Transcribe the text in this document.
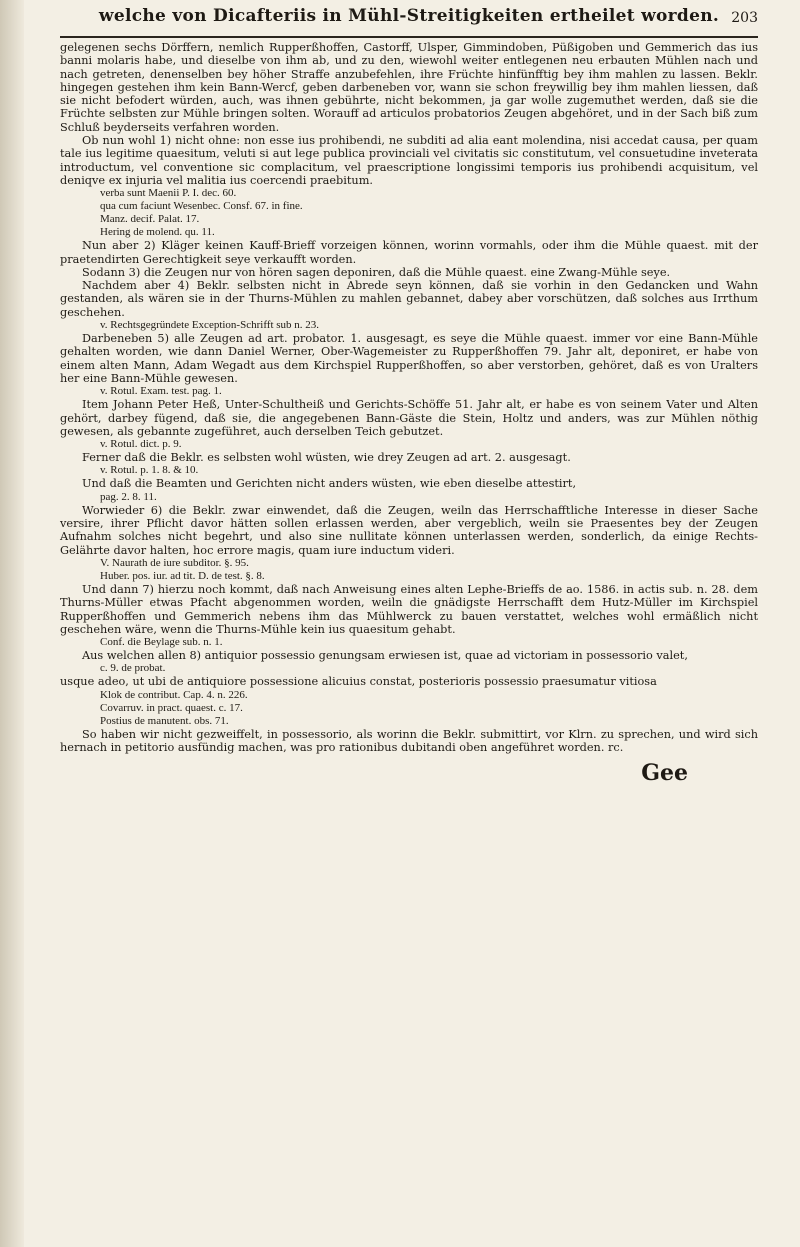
welche von Dicafteriis in Mühl-Streitigkeiten ertheilet worden. 203

gelegenen sechs Dörffern, nemlich Rupperßhoffen, Castorff, Ulsper, Gimmindoben, Püßigoben und Gemmerich das ius banni molaris habe, und dieselbe von ihm ab, und zu den, wiewohl weiter entlegenen neu erbauten Mühlen nach und nach getreten, denenselben bey höher Straffe anzubefehlen, ihre Früchte hinfünfftig bey ihm mahlen zu lassen. Beklr. hingegen gestehen ihm kein Bann-Wercf, geben darbeneben vor, wann sie schon freywillig bey ihm mahlen liessen, daß sie nicht befodert würden, auch, was ihnen gebührte, nicht bekommen, ja gar wolle zugemuthet werden, daß sie die Früchte selbsten zur Mühle bringen solten. Worauff ad articulos probatorios Zeugen abgehöret, und in der Sach biß zum Schluß beyderseits verfahren worden.

Ob nun wohl 1) nicht ohne: non esse ius prohibendi, ne subditi ad alia eant molendina, nisi accedat causa, per quam tale ius legitime quaesitum, veluti si aut lege publica provinciali vel civitatis sic constitutum, vel consuetudine inveterata introductum, vel conventione sic complacitum, vel praescriptione longissimi temporis ius prohibendi acquisitum, vel deniqve ex injuria vel malitia ius coercendi praebitum.

verba sunt Maenii P. I. dec. 60.

qua cum faciunt Wesenbec. Consf. 67. in fine.

Manz. decif. Palat. 17.

Hering de molend. qu. 11.

Nun aber 2) Kläger keinen Kauff-Brieff vorzeigen können, worinn vormahls, oder ihm die Mühle quaest. mit der praetendirten Gerechtigkeit seye verkaufft worden.

Sodann 3) die Zeugen nur von hören sagen deponiren, daß die Mühle quaest. eine Zwang-Mühle seye.

Nachdem aber 4) Beklr. selbsten nicht in Abrede seyn können, daß sie vorhin in den Gedancken und Wahn gestanden, als wären sie in der Thurns-Mühlen zu mahlen gebannet, dabey aber vorschützen, daß solches aus Irrthum geschehen.

v. Rechtsgegründete Exception-Schrifft sub n. 23.

Darbeneben 5) alle Zeugen ad art. probator. 1. ausgesagt, es seye die Mühle quaest. immer vor eine Bann-Mühle gehalten worden, wie dann Daniel Werner, Ober-Wagemeister zu Rupperßhoffen 79. Jahr alt, deponiret, er habe von einem alten Mann, Adam Wegadt aus dem Kirchspiel Rupperßhoffen, so aber verstorben, gehöret, daß es von Uralters her eine Bann-Mühle gewesen.

v. Rotul. Exam. test. pag. 1.

Item Johann Peter Heß, Unter-Schultheiß und Gerichts-Schöffe 51. Jahr alt, er habe es von seinem Vater und Alten gehört, darbey fügend, daß sie, die angegebenen Bann-Gäste die Stein, Holtz und anders, was zur Mühlen nöthig gewesen, als gebannte zugeführet, auch derselben Teich gebutzet.

v. Rotul. dict. p. 9.

Ferner daß die Beklr. es selbsten wohl wüsten, wie drey Zeugen ad art. 2. ausgesagt.

v. Rotul. p. 1. 8. & 10.

Und daß die Beamten und Gerichten nicht anders wüsten, wie eben dieselbe attestirt,

pag. 2. 8. 11.

Worwieder 6) die Beklr. zwar einwendet, daß die Zeugen, weiln das Herrschafftliche Interesse in dieser Sache versire, ihrer Pflicht davor hätten sollen erlassen werden, aber vergeblich, weiln sie Praesentes bey der Zeugen Aufnahm solches nicht begehrt, und also sine nullitate können unterlassen werden, sonderlich, da einige Rechts-Gelährte davor halten, hoc errore magis, quam iure inductum videri.

V. Naurath de iure subditor. §. 95.

Huber. pos. iur. ad tit. D. de test. §. 8.

Und dann 7) hierzu noch kommt, daß nach Anweisung eines alten Lephe-Brieffs de ao. 1586. in actis sub. n. 28. dem Thurns-Müller etwas Pfacht abgenommen worden, weiln die gnädigste Herrschafft dem Hutz-Müller im Kirchspiel Rupperßhoffen und Gemmerich nebens ihm das Mühlwerck zu bauen verstattet, welches wohl ermäßlich nicht geschehen wäre, wenn die Thurns-Mühle kein ius quaesitum gehabt.

Conf. die Beylage sub. n. 1.

Aus welchen allen 8) antiquior possessio genungsam erwiesen ist, quae ad victoriam in possessorio valet,

c. 9. de probat.

usque adeo, ut ubi de antiquiore possessione alicuius constat, posterioris possessio praesumatur vitiosa

Klok de contribut. Cap. 4. n. 226.

Covarruv. in pract. quaest. c. 17.

Postius de manutent. obs. 71.

So haben wir nicht gezweiffelt, in possessorio, als worinn die Beklr. submittirt, vor Klrn. zu sprechen, und wird sich hernach in petitorio ausfündig machen, was pro rationibus dubitandi oben angeführet worden. rc.

Gee
